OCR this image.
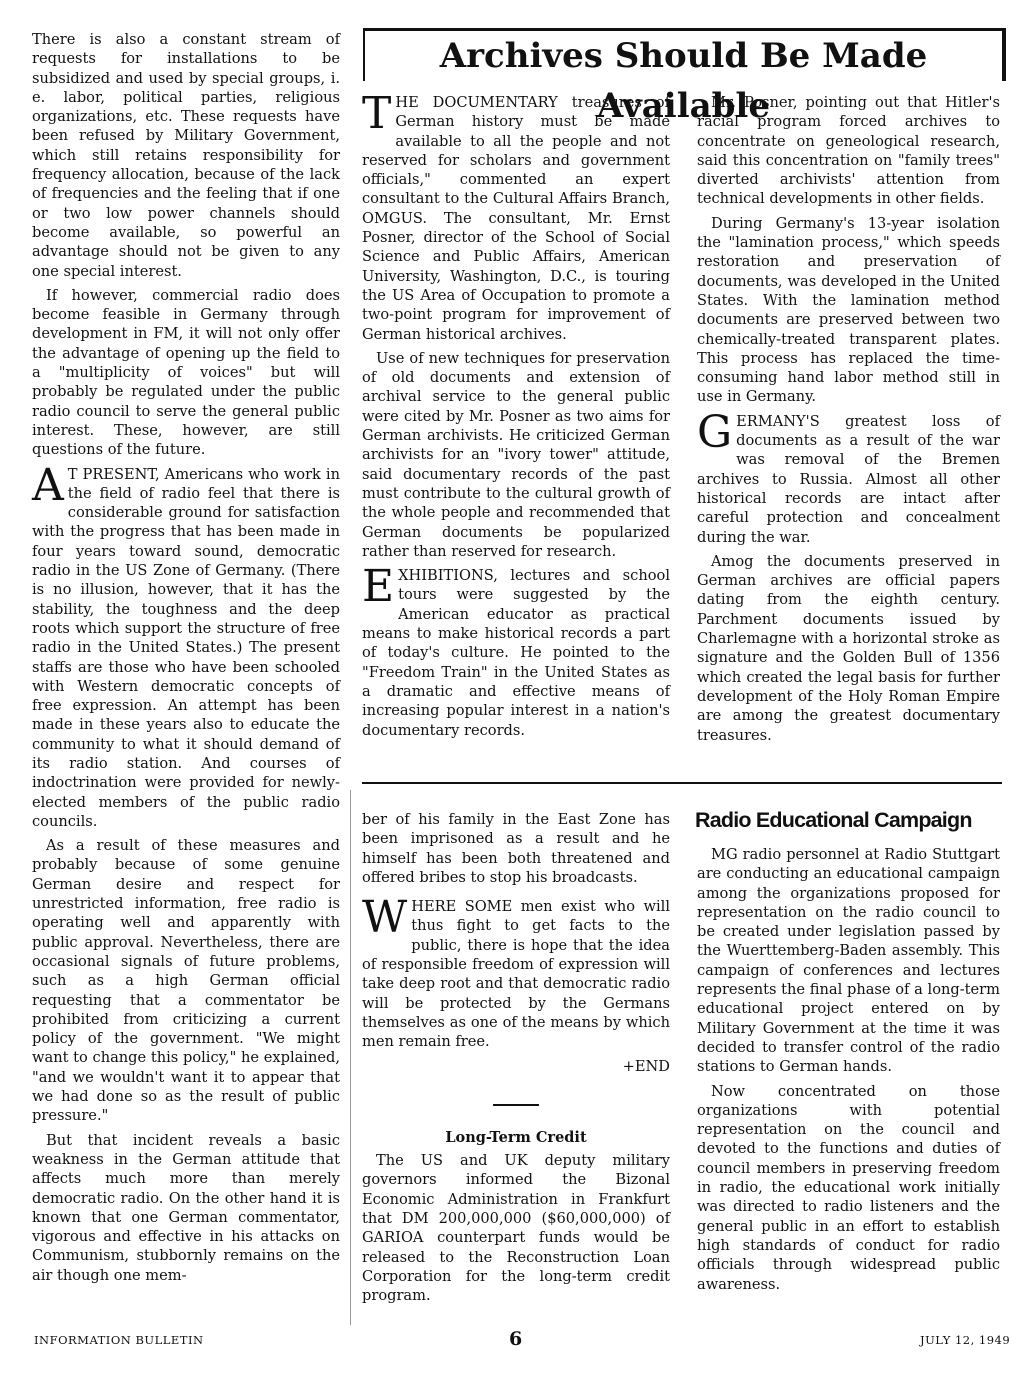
There is also a constant stream of requests for installations to be subsidized and used by special groups, i. e. labor, political parties, religious organizations, etc. These requests have been refused by Military Government, which still retains responsibility for frequency allocation, because of the lack of frequencies and the feeling that if one or two low power channels should become available, so powerful an advantage should not be given to any one special interest.

If however, commercial radio does become feasible in Germany through development in FM, it will not only offer the advantage of opening up the field to a "multiplicity of voices" but will probably be regulated under the public radio council to serve the general public interest. These, however, are still questions of the future.

A T PRESENT, Americans who work in the field of radio feel that there is considerable ground for satisfaction with the progress that has been made in four years toward sound, democratic radio in the US Zone of Germany. (There is no illusion, however, that it has the stability, the toughness and the deep roots which support the structure of free radio in the United States.) The present staffs are those who have been schooled with Western democratic concepts of free expression. An attempt has been made in these years also to educate the community to what it should demand of its radio station. And courses of indoctrination were provided for newly-elected members of the public radio councils.

As a result of these measures and probably because of some genuine German desire and respect for unrestricted information, free radio is operating well and apparently with public approval. Nevertheless, there are occasional signals of future problems, such as a high German official requesting that a commentator be prohibited from criticizing a current policy of the government. "We might want to change this policy," he explained, "and we wouldn't want it to appear that we had done so as the result of public pressure."

But that incident reveals a basic weakness in the German attitude that affects much more than merely democratic radio. On the other hand it is known that one German commentator, vigorous and effective in his attacks on Communism, stubbornly remains on the air though one mem-

Archives Should Be Made Available

THE DOCUMENTARY treasures of German history must be made available to all the people and not reserved for scholars and government officials," commented an expert consultant to the Cultural Affairs Branch, OMGUS. The consultant, Mr. Ernst Posner, director of the School of Social Science and Public Affairs, American University, Washington, D.C., is touring the US Area of Occupation to promote a two-point program for improvement of German historical archives.

Use of new techniques for preservation of old documents and extension of archival service to the general public were cited by Mr. Posner as two aims for German archivists. He criticized German archivists for an "ivory tower" attitude, said documentary records of the past must contribute to the cultural growth of the whole people and recommended that German documents be popularized rather than reserved for research.

EXHIBITIONS, lectures and school tours were suggested by the American educator as practical means to make historical records a part of today's culture. He pointed to the "Freedom Train" in the United States as a dramatic and effective means of increasing popular interest in a nation's documentary records.

Mr. Posner, pointing out that Hitler's racial program forced archives to concentrate on geneological research, said this concentration on "family trees" diverted archivists' attention from technical developments in other fields.

During Germany's 13-year isolation the "lamination process," which speeds restoration and preservation of documents, was developed in the United States. With the lamination method documents are preserved between two chemically-treated transparent plates. This process has replaced the time-consuming hand labor method still in use in Germany.

GERMANY'S greatest loss of documents as a result of the war was removal of the Bremen archives to Russia. Almost all other historical records are intact after careful protection and concealment during the war.

Amog the documents preserved in German archives are official papers dating from the eighth century. Parchment documents issued by Charlemagne with a horizontal stroke as signature and the Golden Bull of 1356 which created the legal basis for further development of the Holy Roman Empire are among the greatest documentary treasures.

ber of his family in the East Zone has been imprisoned as a result and he himself has been both threatened and offered bribes to stop his broadcasts.

WHERE SOME men exist who will thus fight to get facts to the public, there is hope that the idea of responsible freedom of expression will take deep root and that democratic radio will be protected by the Germans themselves as one of the means by which men remain free.

+END
Long-Term Credit

The US and UK deputy military governors informed the Bizonal Economic Administration in Frankfurt that DM 200,000,000 ($60,000,000) of GARIOA counterpart funds would be released to the Reconstruction Loan Corporation for the long-term credit program.

Radio Educational Campaign

MG radio personnel at Radio Stuttgart are conducting an educational campaign among the organizations proposed for representation on the radio council to be created under legislation passed by the Wuerttemberg-Baden assembly. This campaign of conferences and lectures represents the final phase of a long-term educational project entered on by Military Government at the time it was decided to transfer control of the radio stations to German hands.

Now concentrated on those organizations with potential representation on the council and devoted to the functions and duties of council members in preserving freedom in radio, the educational work initially was directed to radio listeners and the general public in an effort to establish high standards of conduct for radio officials through widespread public awareness.

INFORMATION BULLETIN	6	JULY 12, 1949
